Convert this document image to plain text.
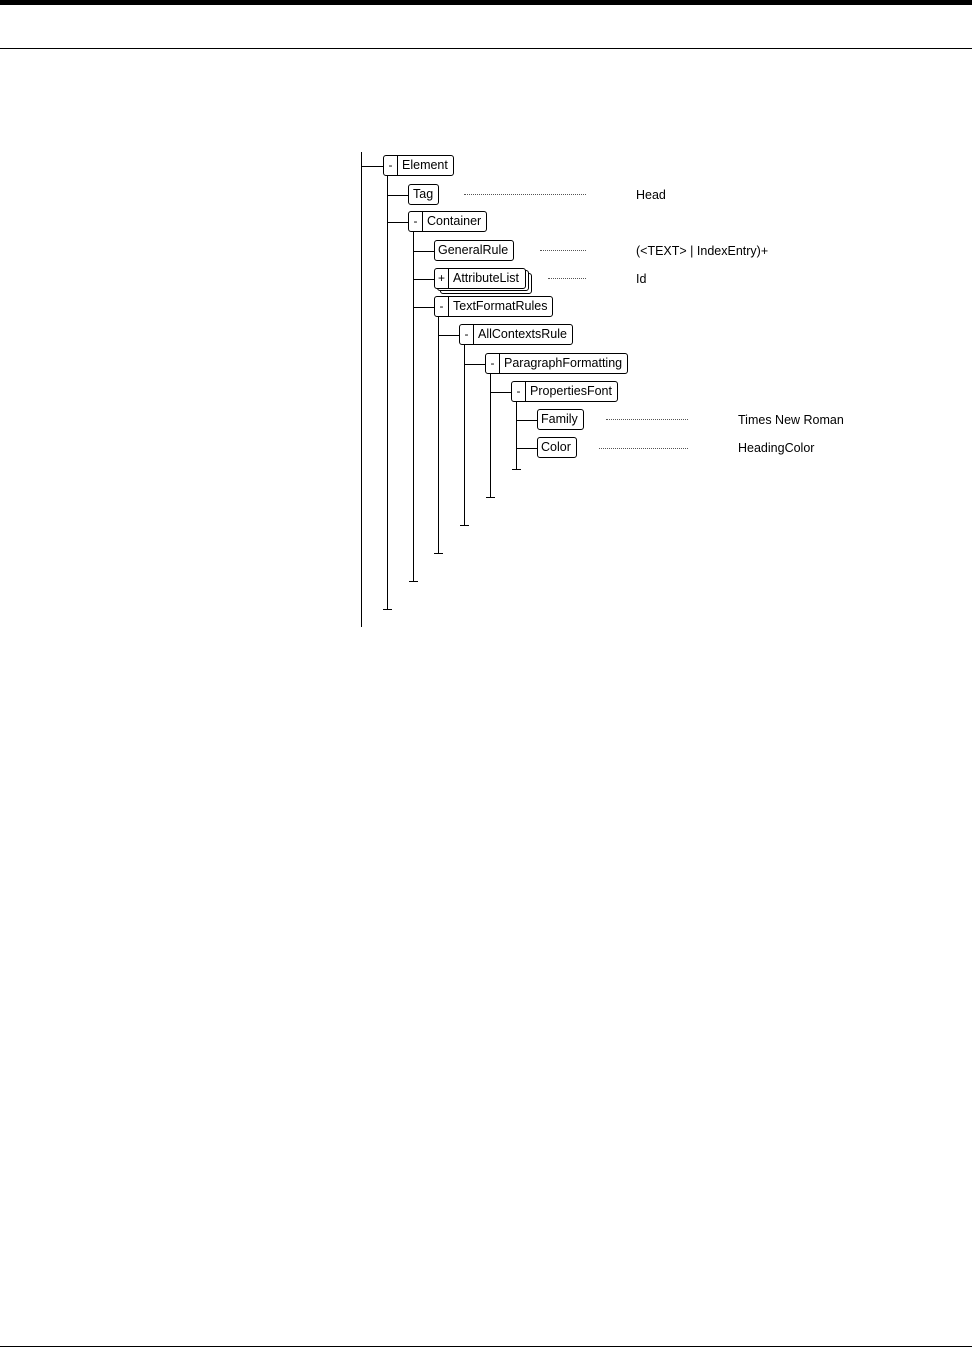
- Element
Tag	Head
- Container
GeneralRule	(<TEXT> | IndexEntry)+
+ AttributeList	Id
- TextFormatRules
- AllContextsRule
- ParagraphFormatting
- PropertiesFont
Family	Times New Roman
Color	HeadingColor
